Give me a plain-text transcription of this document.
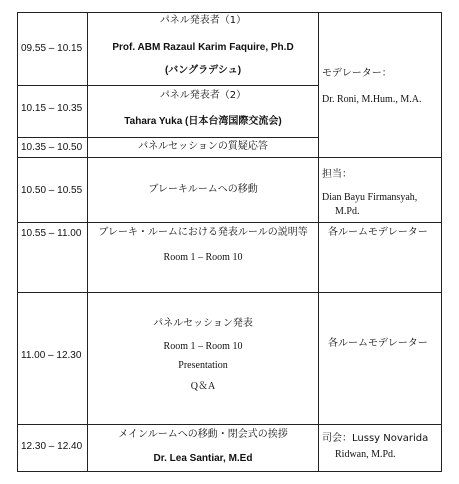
09.55 – 10.15
パネル発表者（1）
Prof. ABM Razaul Karim Faquire, Ph.D
(バングラデシュ)
10.15 – 10.35
パネル発表者（2）
Tahara Yuka (日本台湾国際交流会)
10.35 – 10.50	パネルセッションの質疑応答
10.50 – 10.55	ブレーキルームへの移動
10.55 – 11.00 ブレーキ・ルームにおける発表ルールの説明等
Room 1 – Room 10
11.00 – 12.30
パネルセッション発表
Room 1 – Room 10
Presentation
Q＆A
12.30 – 12.40
メインルームへの移動・閉会式の挨拶
Dr. Lea Santiar, M.Ed
モデレーター：
Dr. Roni, M.Hum., M.A.
担当：
Dian Bayu Firmansyah,
M.Pd.
各ルームモデレーター
各ルームモデレーター
司会：Lussy Novarida
Ridwan, M.Pd.
